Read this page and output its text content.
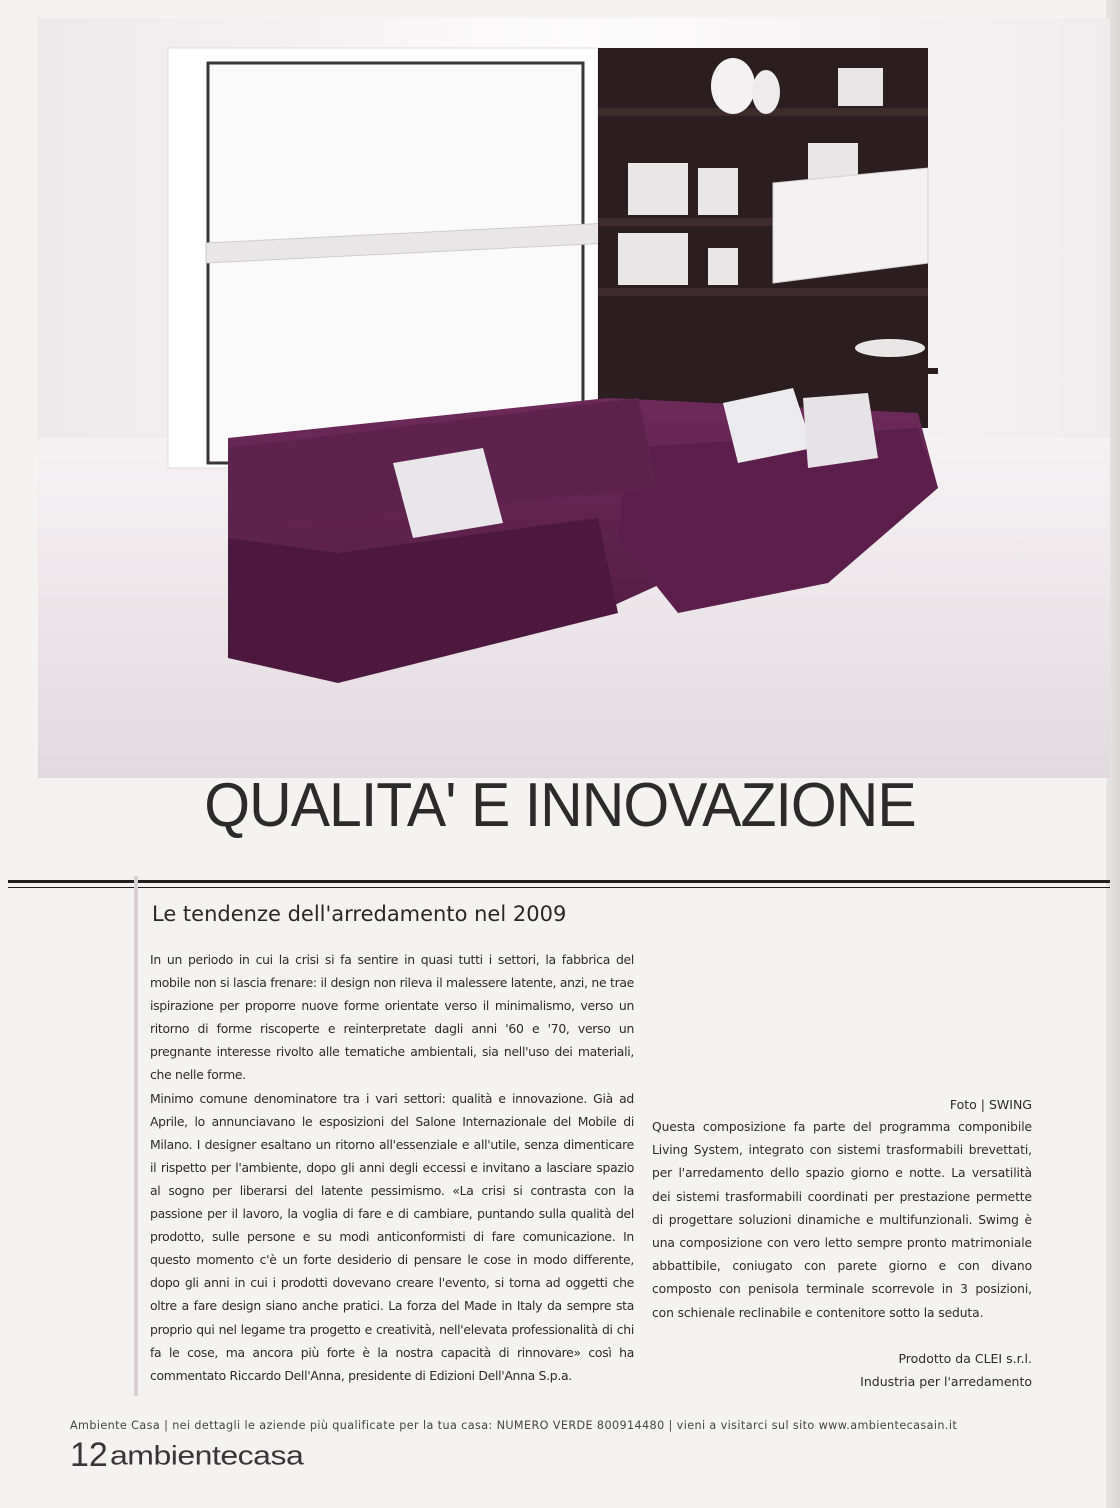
QUALITA' E INNOVAZIONE
Le tendenze dell'arredamento nel 2009

In un periodo in cui la crisi si fa sentire in quasi tutti i settori, la fabbrica del mobile non si lascia frenare: il design non rileva il malessere latente, anzi, ne trae ispirazione per proporre nuove forme orientate verso il minimalismo, verso un ritorno di forme riscoperte e reinterpretate dagli anni '60 e '70, verso un pregnante interesse rivolto alle tematiche ambientali, sia nell'uso dei materiali, che nelle forme.

Minimo comune denominatore tra i vari settori: qualità e innovazione. Già ad Aprile, lo annunciavano le esposizioni del Salone Internazionale del Mobile di Milano. I designer esaltano un ritorno all'essenziale e all'utile, senza dimenticare il rispetto per l'ambiente, dopo gli anni degli eccessi e invitano a lasciare spazio al sogno per liberarsi del latente pessimismo. «La crisi si contrasta con la passione per il lavoro, la voglia di fare e di cambiare, puntando sulla qualità del prodotto, sulle persone e su modi anticonformisti di fare comunicazione. In questo momento c'è un forte desiderio di pensare le cose in modo differente, dopo gli anni in cui i prodotti dovevano creare l'evento, si torna ad oggetti che oltre a fare design siano anche pratici. La forza del Made in Italy da sempre sta proprio qui nel legame tra progetto e creatività, nell'elevata professionalità di chi fa le cose, ma ancora più forte è la nostra capacità di rinnovare» così ha commentato Riccardo Dell'Anna, presidente di Edizioni Dell'Anna S.p.a.

Foto | SWING
Questa composizione fa parte del programma componibile Living System, integrato con sistemi trasformabili brevettati, per l'arredamento dello spazio giorno e notte. La versatilità dei sistemi trasformabili coordinati per prestazione permette di progettare soluzioni dinamiche e multifunzionali. Swimg è una composizione con vero letto sempre pronto matrimoniale abbattibile, coniugato con parete giorno e con divano composto con penisola terminale scorrevole in 3 posizioni, con schienale reclinabile e contenitore sotto la seduta.
Prodotto da CLEI s.r.l.
Industria per l'arredamento
Ambiente Casa | nei dettagli le aziende più qualificate per la tua casa: NUMERO VERDE 800914480 | vieni a visitarci sul sito www.ambientecasain.it
12 ambientecasa
